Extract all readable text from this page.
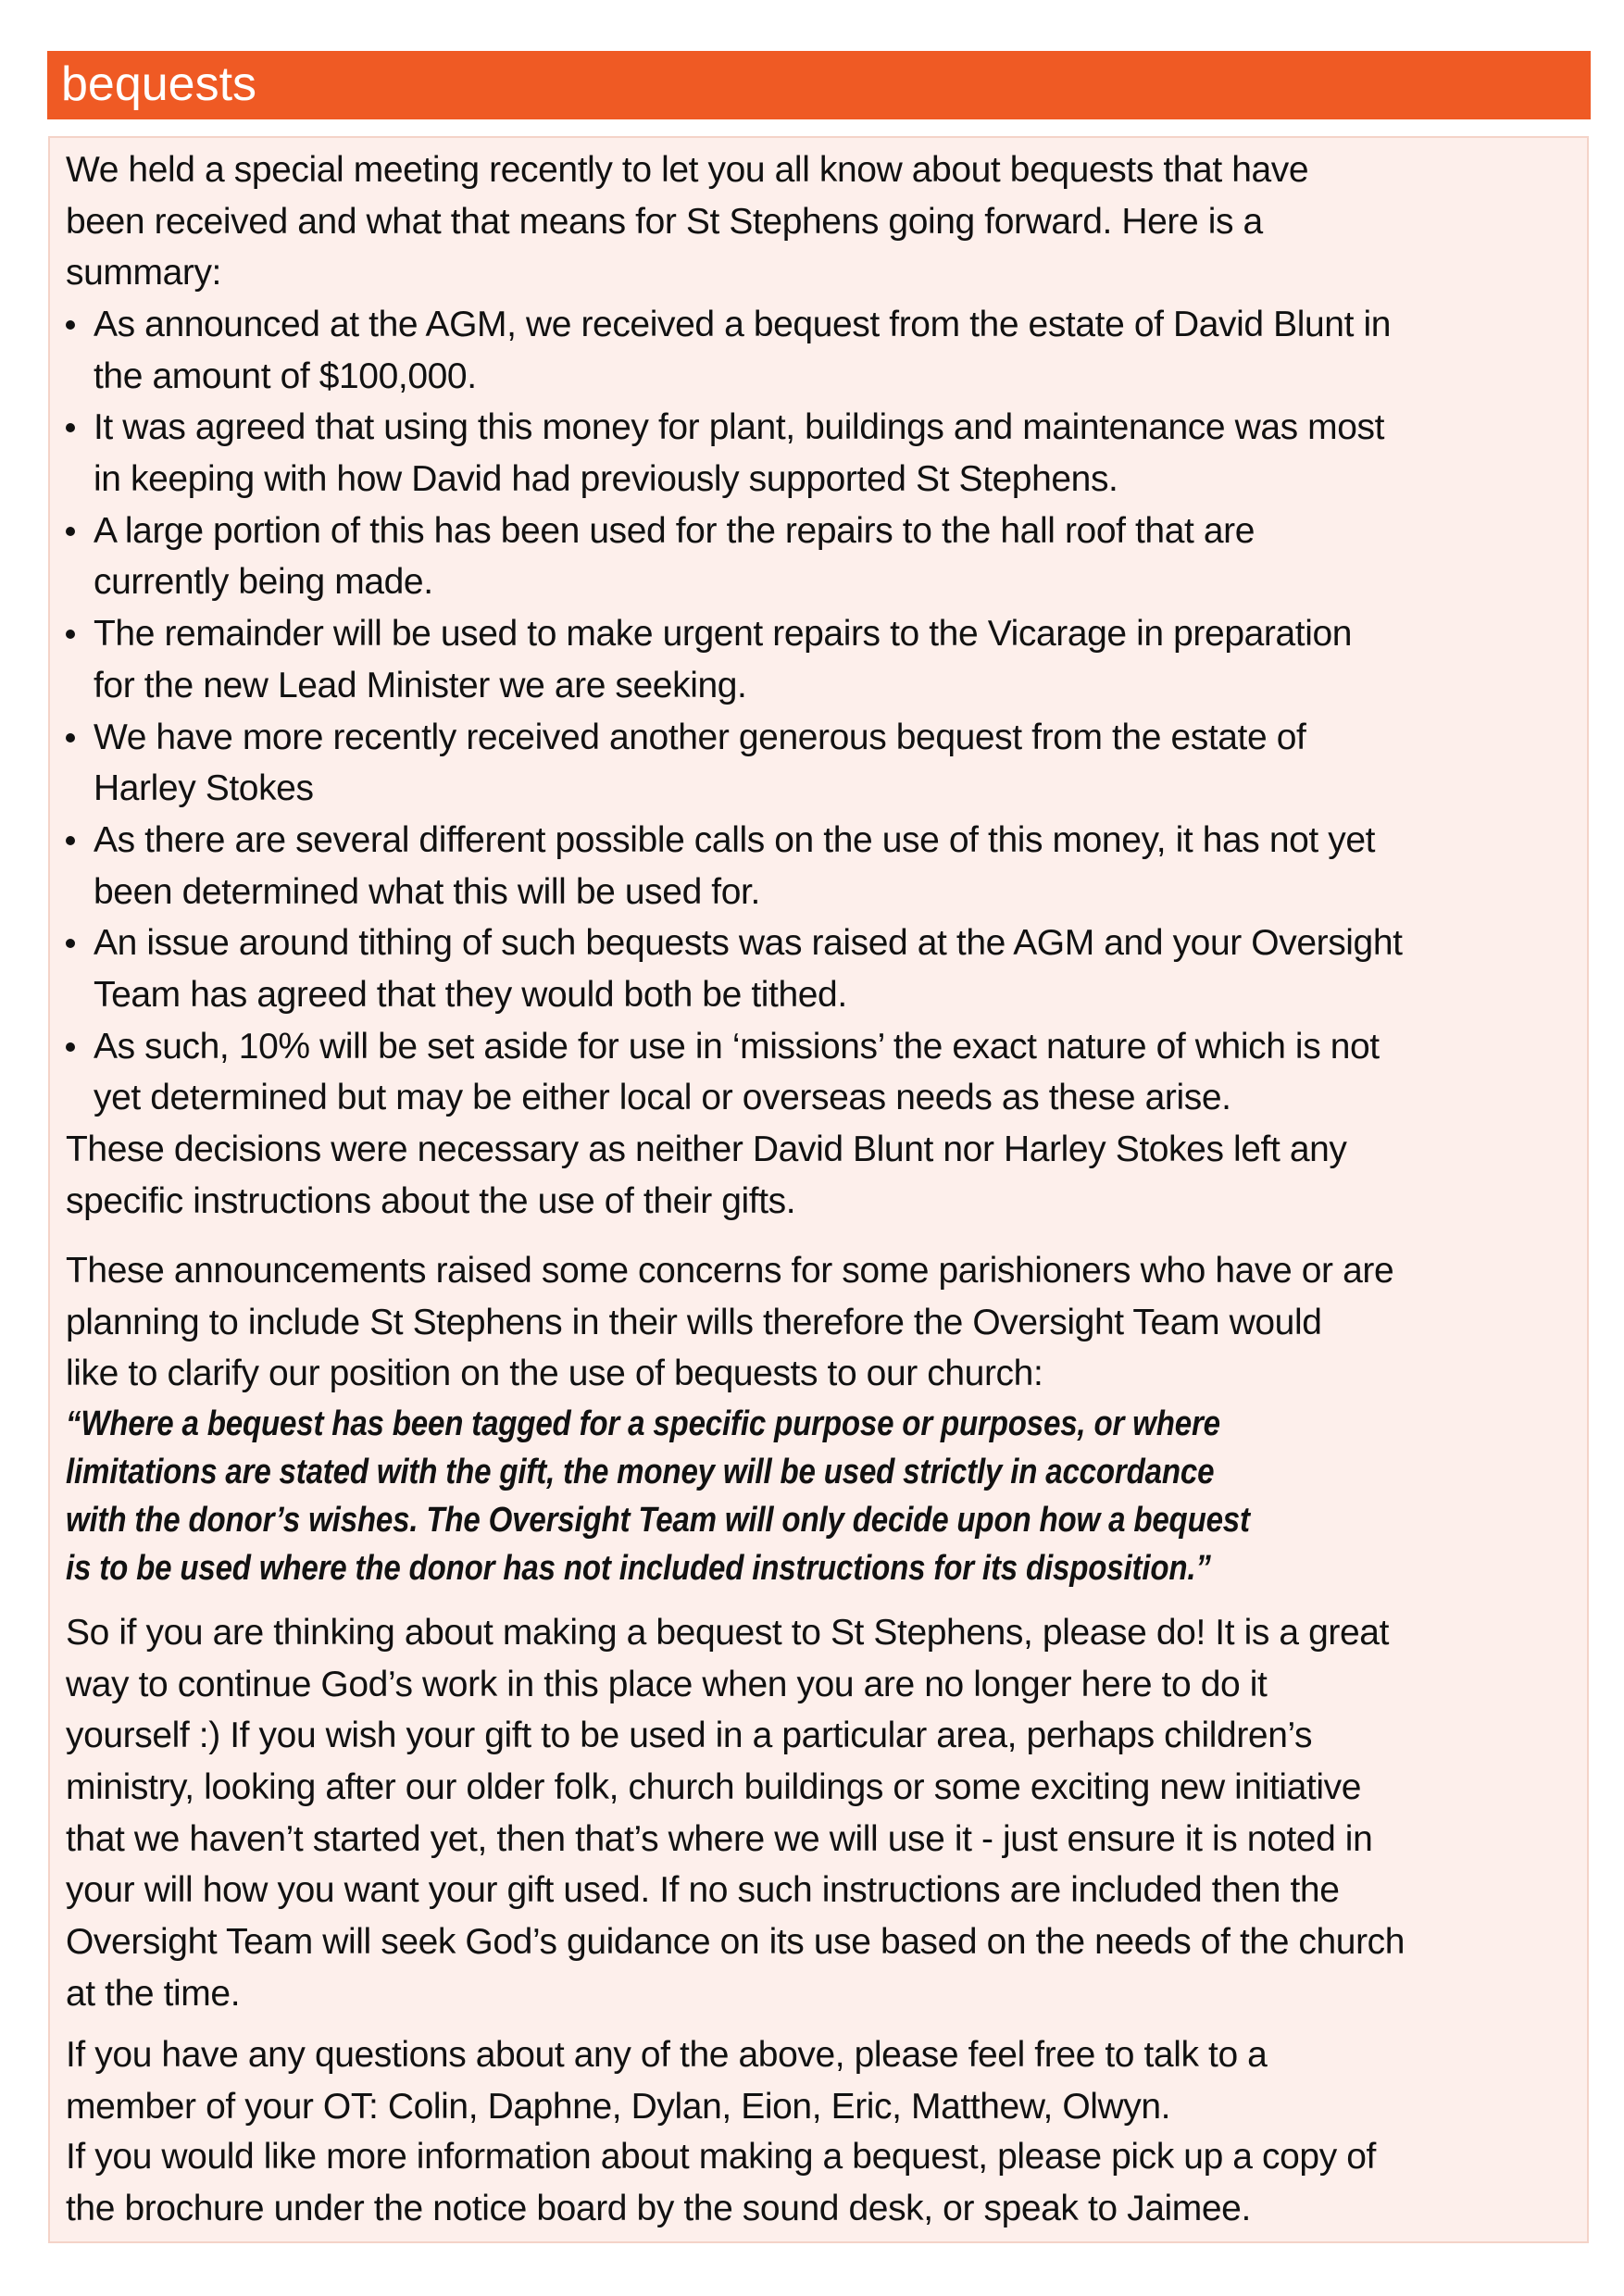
bequests
We held a special meeting recently to let you all know about bequests that have
been received and what that means for St Stephens going forward. Here is a
summary:
As announced at the AGM, we received a bequest from the estate of David Blunt in
the amount of $100,000.
It was agreed that using this money for plant, buildings and maintenance was most
in keeping with how David had previously supported St Stephens.
A large portion of this has been used for the repairs to the hall roof that are
currently being made.
The remainder will be used to make urgent repairs to the Vicarage in preparation
for the new Lead Minister we are seeking.
We have more recently received another generous bequest from the estate of
Harley Stokes
As there are several different possible calls on the use of this money, it has not yet
been determined what this will be used for.
An issue around tithing of such bequests was raised at the AGM and your Oversight
Team has agreed that they would both be tithed.
As such, 10% will be set aside for use in ‘missions’ the exact nature of which is not
yet determined but may be either local or overseas needs as these arise.
These decisions were necessary as neither David Blunt nor Harley Stokes left any
specific instructions about the use of their gifts.
These announcements raised some concerns for some parishioners who have or are
planning to include St Stephens in their wills therefore the Oversight Team would
like to clarify our position on the use of bequests to our church:
“Where a bequest has been tagged for a specific purpose or purposes, or where
limitations are stated with the gift, the money will be used strictly in accordance
with the donor’s wishes. The Oversight Team will only decide upon how a bequest
is to be used where the donor has not included instructions for its disposition.”
So if you are thinking about making a bequest to St Stephens, please do! It is a great
way to continue God’s work in this place when you are no longer here to do it
yourself :) If you wish your gift to be used in a particular area, perhaps children’s
ministry, looking after our older folk, church buildings or some exciting new initiative
that we haven’t started yet, then that’s where we will use it - just ensure it is noted in
your will how you want your gift used. If no such instructions are included then the
Oversight Team will seek God’s guidance on its use based on the needs of the church
at the time.
If you have any questions about any of the above, please feel free to talk to a
member of your OT: Colin, Daphne, Dylan, Eion, Eric, Matthew, Olwyn.
If you would like more information about making a bequest, please pick up a copy of
the brochure under the notice board by the sound desk, or speak to Jaimee.
